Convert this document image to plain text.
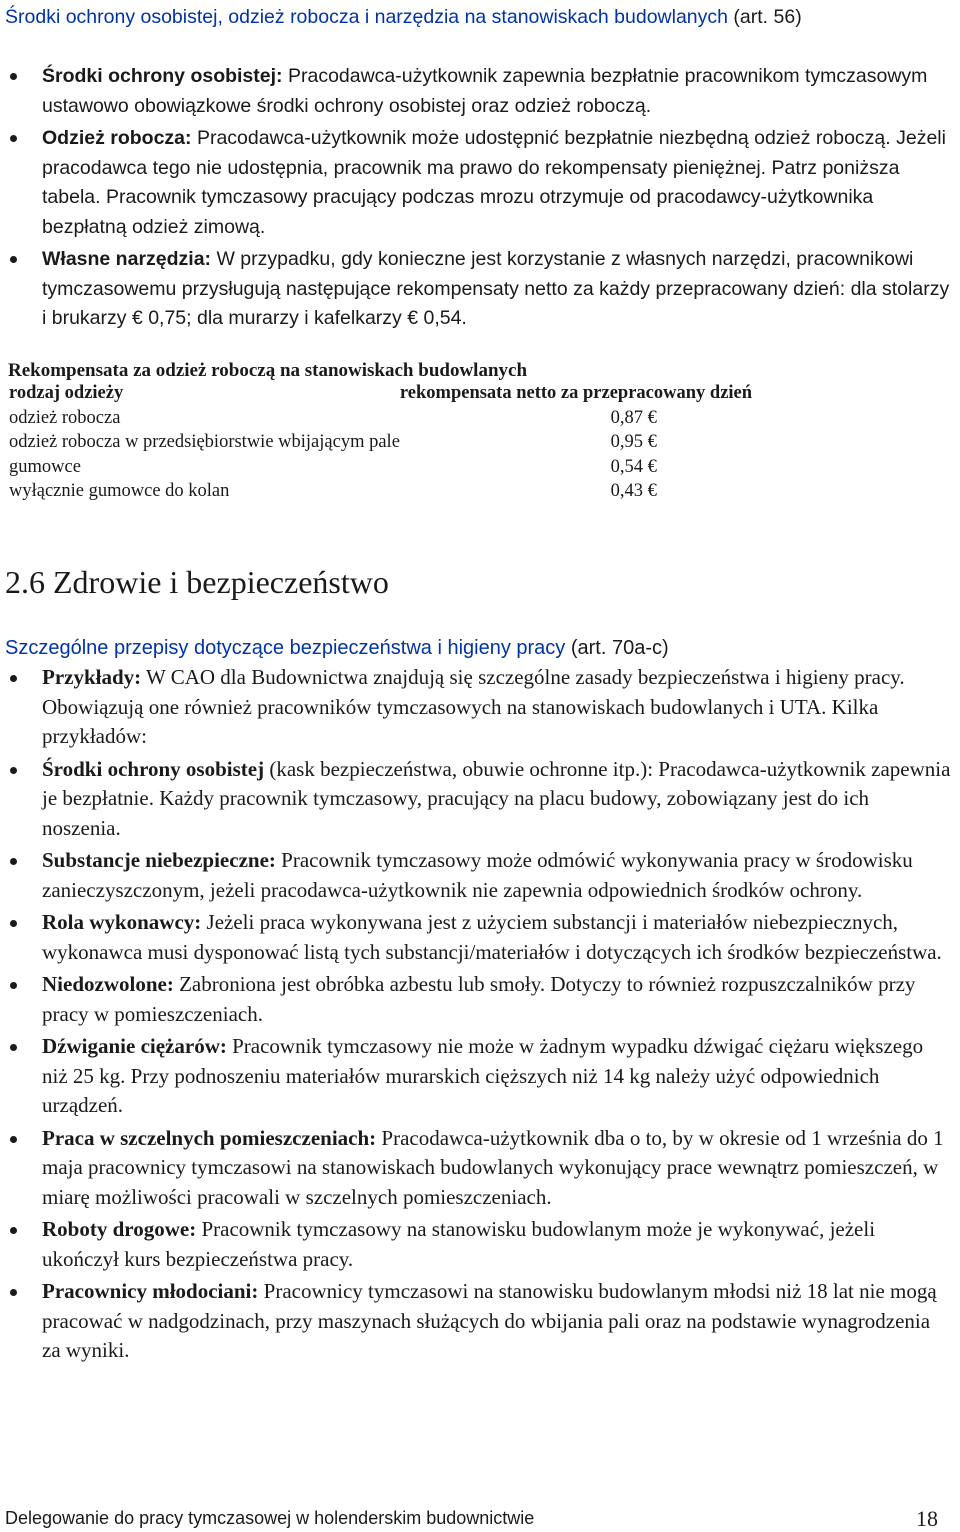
Środki ochrony osobistej, odzież robocza i narzędzia na stanowiskach budowlanych (art. 56)
Środki ochrony osobistej: Pracodawca-użytkownik zapewnia bezpłatnie pracownikom tymczasowym ustawowo obowiązkowe środki ochrony osobistej oraz odzież roboczą.
Odzież robocza: Pracodawca-użytkownik może udostępnić bezpłatnie niezbędną odzież roboczą. Jeżeli pracodawca tego nie udostępnia, pracownik ma prawo do rekompensaty pieniężnej. Patrz poniższa tabela. Pracownik tymczasowy pracujący podczas mrozu otrzymuje od pracodawcy-użytkownika bezpłatną odzież zimową.
Własne narzędzia: W przypadku, gdy konieczne jest korzystanie z własnych narzędzi, pracownikowi tymczasowemu przysługują następujące rekompensaty netto za każdy przepracowany dzień: dla stolarzy i brukarzy € 0,75; dla murarzy i kafelkarzy € 0,54.
Rekompensata za odzież roboczą na stanowiskach budowlanych
rodzaj odzieży	rekompensata netto za przepracowany dzień
odzież robocza	0,87 €
odzież robocza w przedsiębiorstwie wbijającym pale	0,95 €
gumowce	0,54 €
wyłącznie gumowce do kolan	0,43 €
2.6 Zdrowie i bezpieczeństwo
Szczególne przepisy dotyczące bezpieczeństwa i higieny pracy (art. 70a-c)
Przykłady: W CAO dla Budownictwa znajdują się szczególne zasady bezpieczeństwa i higieny pracy. Obowiązują one również pracowników tymczasowych na stanowiskach budowlanych i UTA. Kilka przykładów:
Środki ochrony osobistej (kask bezpieczeństwa, obuwie ochronne itp.): Pracodawca-użytkownik zapewnia je bezpłatnie. Każdy pracownik tymczasowy, pracujący na placu budowy, zobowiązany jest do ich noszenia.
Substancje niebezpieczne: Pracownik tymczasowy może odmówić wykonywania pracy w środowisku zanieczyszczonym, jeżeli pracodawca-użytkownik nie zapewnia odpowiednich środków ochrony.
Rola wykonawcy: Jeżeli praca wykonywana jest z użyciem substancji i materiałów niebezpiecznych, wykonawca musi dysponować listą tych substancji/materiałów i dotyczących ich środków bezpieczeństwa.
Niedozwolone: Zabroniona jest obróbka azbestu lub smoły. Dotyczy to również rozpuszczalników przy pracy w pomieszczeniach.
Dźwiganie ciężarów: Pracownik tymczasowy nie może w żadnym wypadku dźwigać ciężaru większego niż 25 kg. Przy podnoszeniu materiałów murarskich cięższych niż 14 kg należy użyć odpowiednich urządzeń.
Praca w szczelnych pomieszczeniach: Pracodawca-użytkownik dba o to, by w okresie od 1 września do 1 maja pracownicy tymczasowi na stanowiskach budowlanych wykonujący prace wewnątrz pomieszczeń, w miarę możliwości pracowali w szczelnych pomieszczeniach.
Roboty drogowe: Pracownik tymczasowy na stanowisku budowlanym może je wykonywać, jeżeli ukończył kurs bezpieczeństwa pracy.
Pracownicy młodociani: Pracownicy tymczasowi na stanowisku budowlanym młodsi niż 18 lat nie mogą pracować w nadgodzinach, przy maszynach służących do wbijania pali oraz na podstawie wynagrodzenia za wyniki.
Delegowanie do pracy tymczasowej w holenderskim budownictwie	18
